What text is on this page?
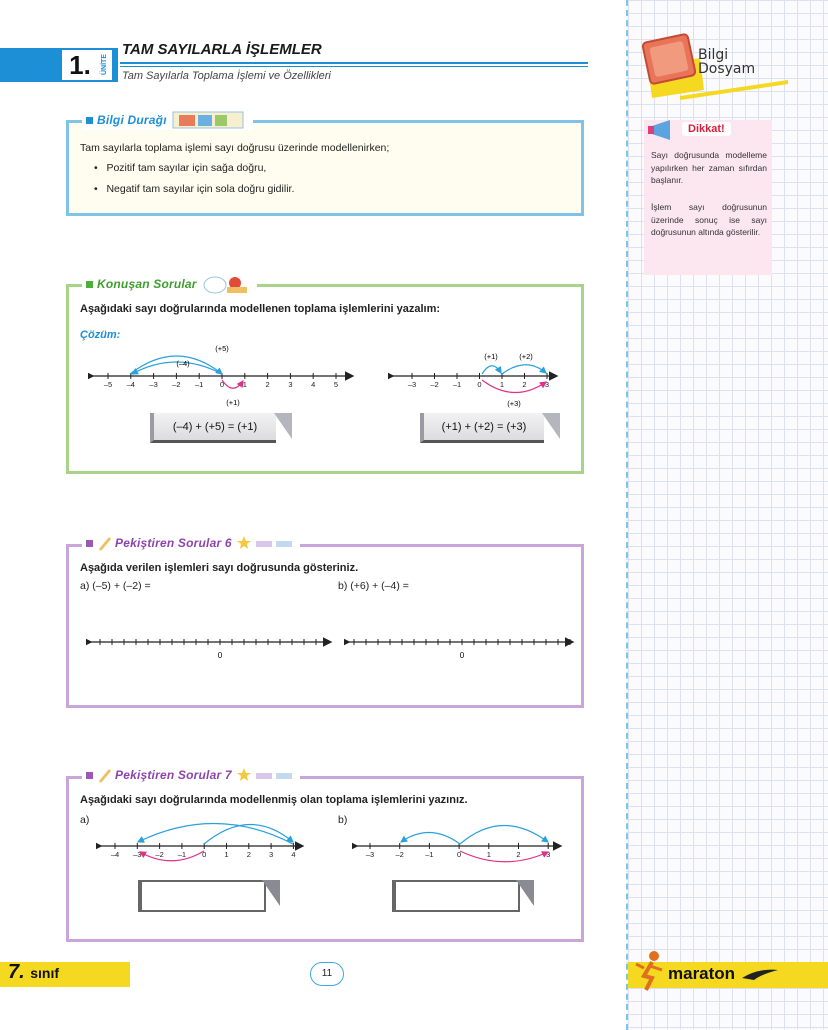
Bilgi
Dosyam
Dikkat!
Sayı doğrusunda modelleme yapılırken her zaman sıfırdan başlanır.
İşlem sayı doğrusunun üzerinde sonuç ise sayı doğrusunun altında gösterilir.
1.	ÜNİTE
TAM SAYILARLA İŞLEMLER
Tam Sayılarla Toplama İşlemi ve Özellikleri
Bilgi Durağı
Tam sayılarla toplama işlemi sayı doğrusu üzerinde modellenirken;
•   Pozitif tam sayılar için sağa doğru,
•   Negatif tam sayılar için sola doğru gidilir.
Konuşan Sorular
Aşağıdaki sayı doğrularında modellenen toplama işlemlerini yazalım:
Çözüm:
–5 –4 –3 –2 –1 0 1 2 3 4 5
(+5)
(–4)
(+1)
(–4) + (+5) = (+1)
–3 –2 –1 0 1 2 3
(+1)	(+2)
(+3)
(+1) + (+2) = (+3)
Pekiştiren Sorular 6
Aşağıda verilen işlemleri sayı doğrusunda gösteriniz.
a) (–5) + (–2) =	b) (+6) + (–4) =
0	0
Pekiştiren Sorular 7
Aşağıdaki sayı doğrularında modellenmiş olan toplama işlemlerini yazınız.
a)	b)
–4 –3 –2 –1 0 1 2 3 4	–3	–2	–1	0	1	2	3
7. sınıf	11	maraton
